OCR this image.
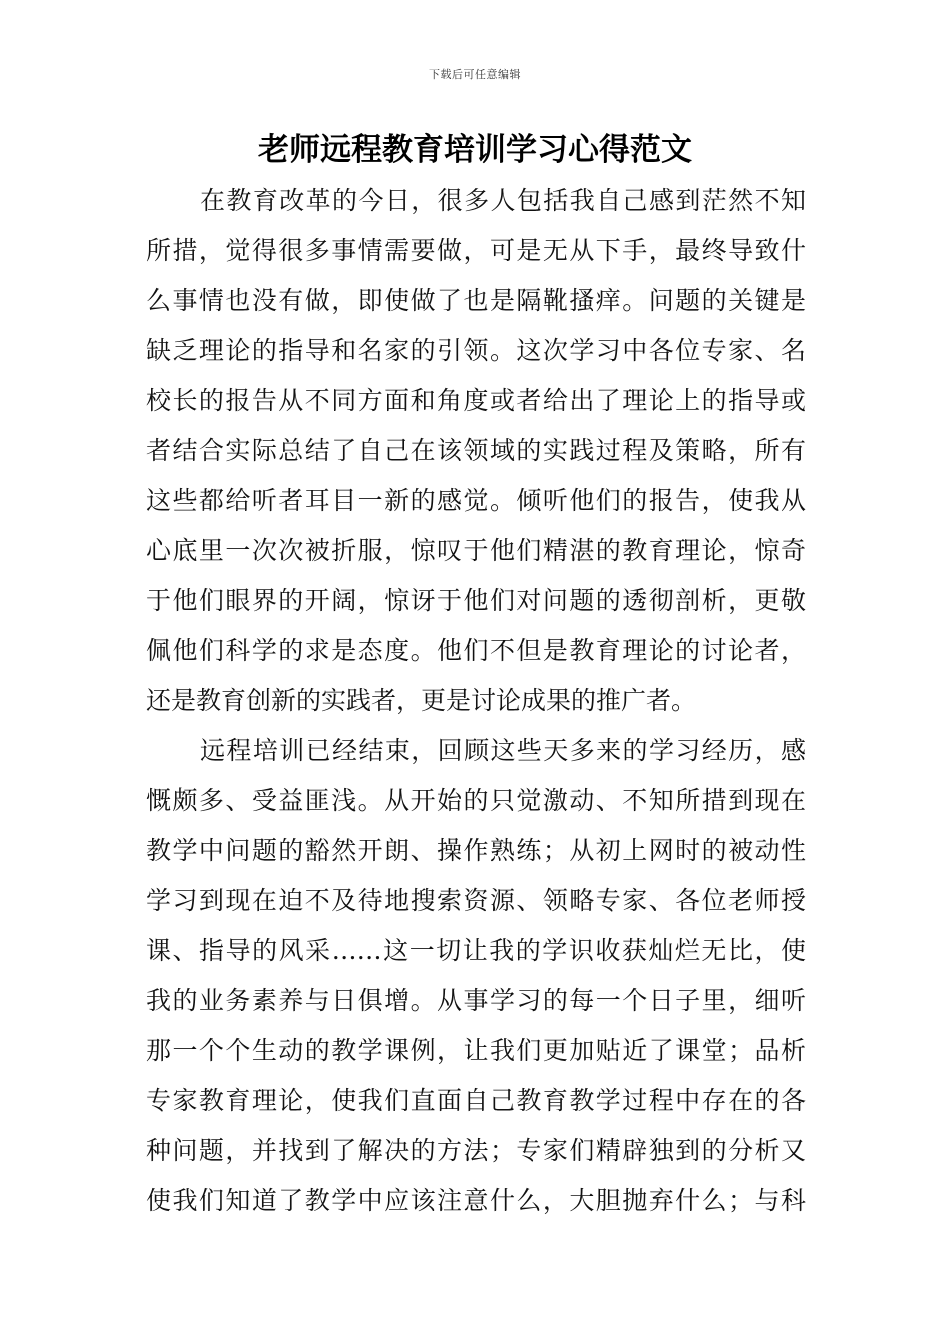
下载后可任意编辑
老师远程教育培训学习心得范文
在教育改革的今日，很多人包括我自己感到茫然不知
所措，觉得很多事情需要做，可是无从下手，最终导致什
么事情也没有做，即使做了也是隔靴搔痒。问题的关键是
缺乏理论的指导和名家的引领。这次学习中各位专家、名
校长的报告从不同方面和角度或者给出了理论上的指导或
者结合实际总结了自己在该领域的实践过程及策略，所有
这些都给听者耳目一新的感觉。倾听他们的报告，使我从
心底里一次次被折服，惊叹于他们精湛的教育理论，惊奇
于他们眼界的开阔，惊讶于他们对问题的透彻剖析，更敬
佩他们科学的求是态度。他们不但是教育理论的讨论者，
还是教育创新的实践者，更是讨论成果的推广者。
远程培训已经结束，回顾这些天多来的学习经历，感
慨颇多、受益匪浅。从开始的只觉激动、不知所措到现在
教学中问题的豁然开朗、操作熟练；从初上网时的被动性
学习到现在迫不及待地搜索资源、领略专家、各位老师授
课、指导的风采……这一切让我的学识收获灿烂无比，使
我的业务素养与日俱增。从事学习的每一个日子里，细听
那一个个生动的教学课例，让我们更加贴近了课堂；品析
专家教育理论，使我们直面自己教育教学过程中存在的各
种问题，并找到了解决的方法；专家们精辟独到的分析又
使我们知道了教学中应该注意什么，大胆抛弃什么；与科
